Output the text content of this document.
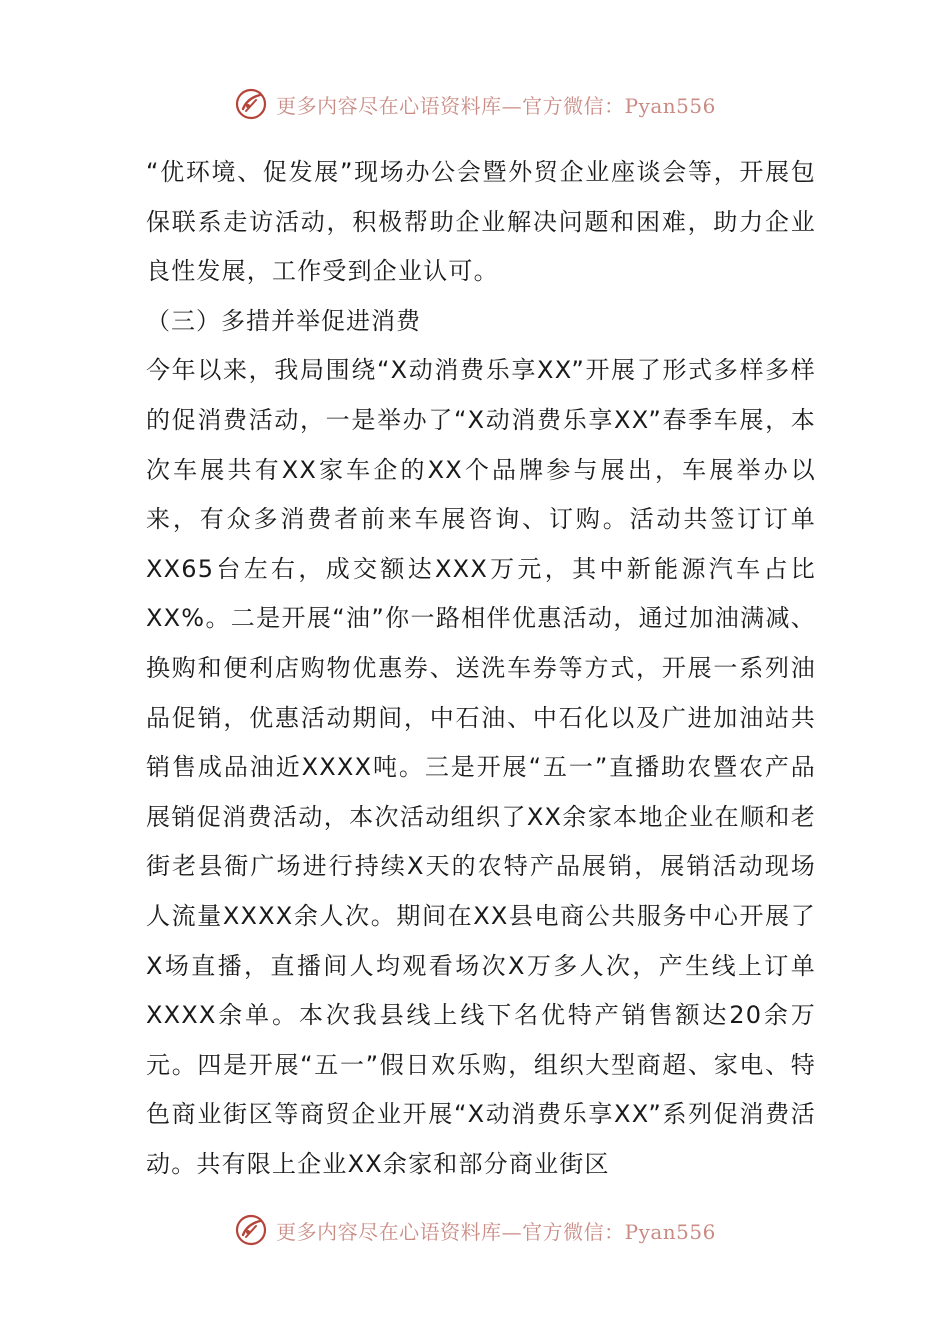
更多内容尽在心语资料库—官方微信：Pyan556

“优环境、促发展”现场办公会暨外贸企业座谈会等，开展包保联系走访活动，积极帮助企业解决问题和困难，助力企业良性发展，工作受到企业认可。

（三）多措并举促进消费

今年以来，我局围绕“X动消费乐享XX”开展了形式多样多样的促消费活动，一是举办了“X动消费乐享XX”春季车展，本次车展共有XX家车企的XX个品牌参与展出，车展举办以来，有众多消费者前来车展咨询、订购。活动共签订订单XX65台左右，成交额达XXX万元，其中新能源汽车占比XX%。二是开展“油”你一路相伴优惠活动，通过加油满减、换购和便利店购物优惠券、送洗车券等方式，开展一系列油品促销，优惠活动期间，中石油、中石化以及广进加油站共销售成品油近XXXX吨。三是开展“五一”直播助农暨农产品展销促消费活动，本次活动组织了XX余家本地企业在顺和老街老县衙广场进行持续X天的农特产品展销，展销活动现场人流量XXXX余人次。期间在XX县电商公共服务中心开展了X场直播，直播间人均观看场次X万多人次，产生线上订单XXXX余单。本次我县线上线下名优特产销售额达20余万元。四是开展“五一”假日欢乐购，组织大型商超、家电、特色商业街区等商贸企业开展“X动消费乐享XX”系列促消费活动。共有限上企业XX余家和部分商业街区

更多内容尽在心语资料库—官方微信：Pyan556
